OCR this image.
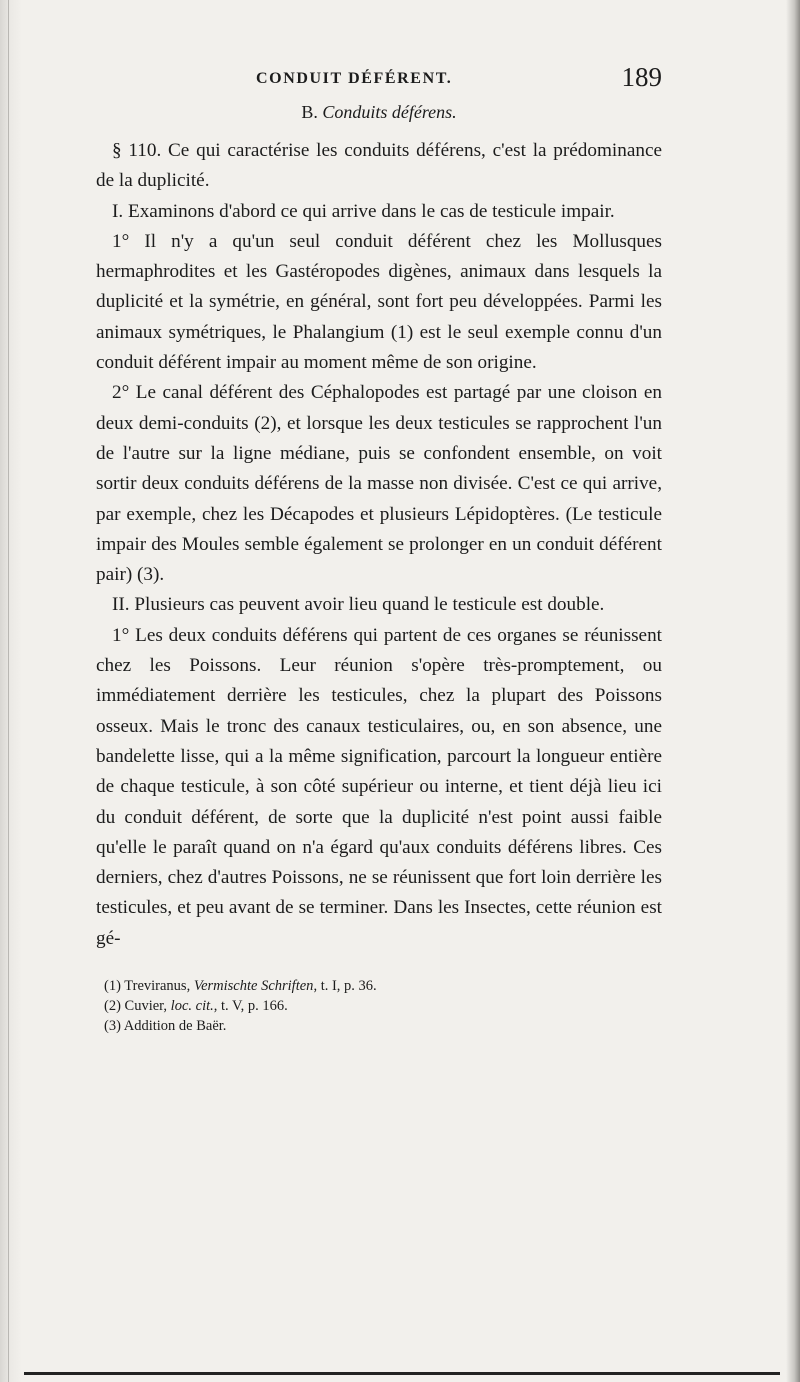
CONDUIT DÉFÉRENT.	189
B. Conduits déférens.

§ 110. Ce qui caractérise les conduits déférens, c'est la prédominance de la duplicité.

I. Examinons d'abord ce qui arrive dans le cas de testicule impair.

1° Il n'y a qu'un seul conduit déférent chez les Mollusques hermaphrodites et les Gastéropodes digènes, animaux dans lesquels la duplicité et la symétrie, en général, sont fort peu développées. Parmi les animaux symétriques, le Phalangium (1) est le seul exemple connu d'un conduit déférent impair au moment même de son origine.

2° Le canal déférent des Céphalopodes est partagé par une cloison en deux demi-conduits (2), et lorsque les deux testicules se rapprochent l'un de l'autre sur la ligne médiane, puis se confondent ensemble, on voit sortir deux conduits déférens de la masse non divisée. C'est ce qui arrive, par exemple, chez les Décapodes et plusieurs Lépidoptères. (Le testicule impair des Moules semble également se prolonger en un conduit déférent pair) (3).

II. Plusieurs cas peuvent avoir lieu quand le testicule est double.

1° Les deux conduits déférens qui partent de ces organes se réunissent chez les Poissons. Leur réunion s'opère très-promptement, ou immédiatement derrière les testicules, chez la plupart des Poissons osseux. Mais le tronc des canaux testiculaires, ou, en son absence, une bandelette lisse, qui a la même signification, parcourt la longueur entière de chaque testicule, à son côté supérieur ou interne, et tient déjà lieu ici du conduit déférent, de sorte que la duplicité n'est point aussi faible qu'elle le paraît quand on n'a égard qu'aux conduits déférens libres. Ces derniers, chez d'autres Poissons, ne se réunissent que fort loin derrière les testicules, et peu avant de se terminer. Dans les Insectes, cette réunion est gé-

(1) Treviranus, Vermischte Schriften, t. I, p. 36.
(2) Cuvier, loc. cit., t. V, p. 166.
(3) Addition de Baër.
